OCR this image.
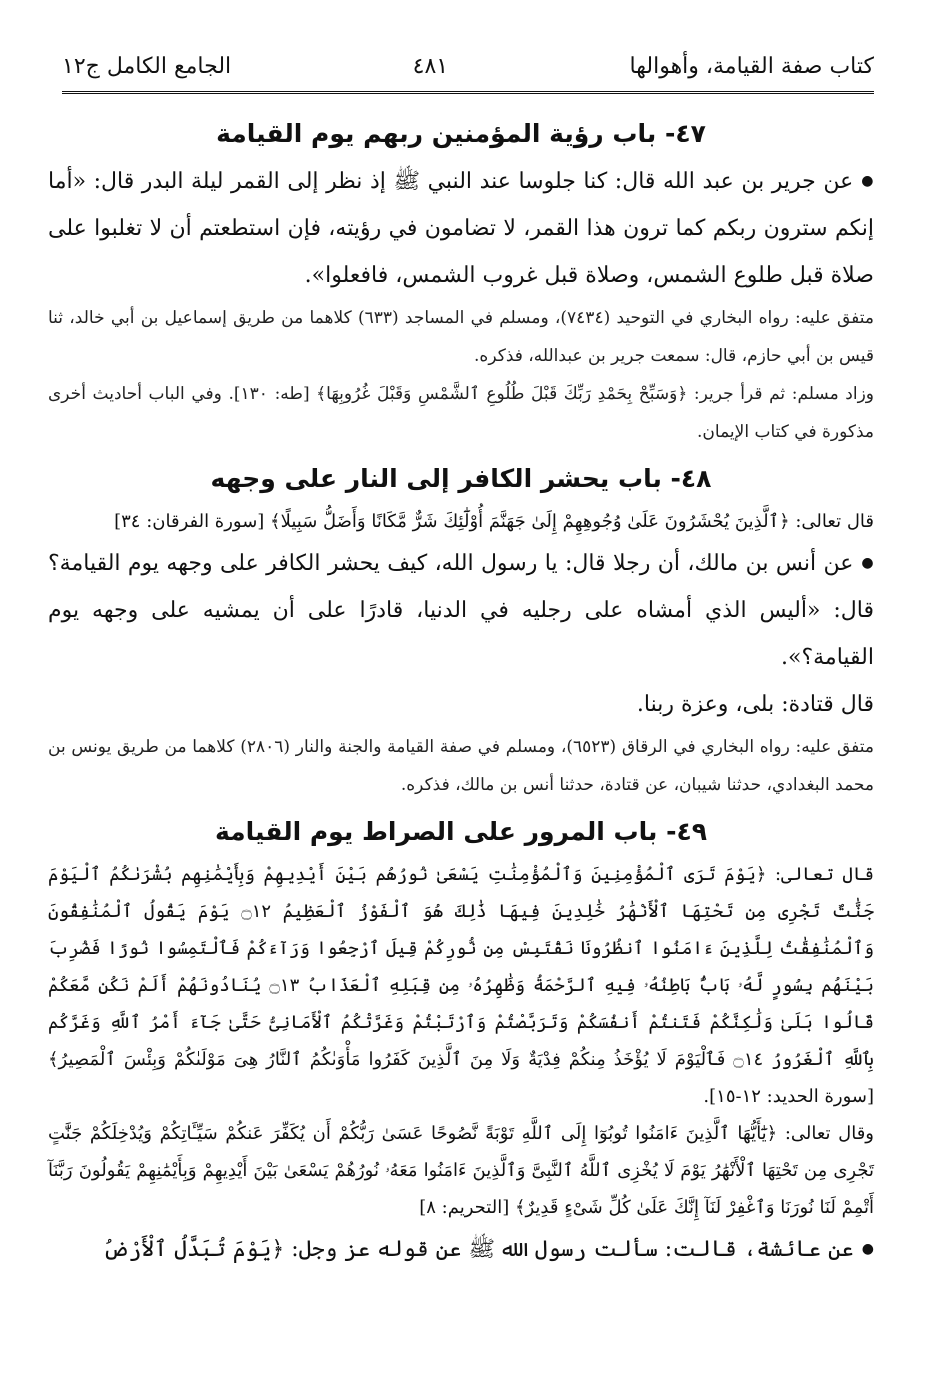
كتاب صفة القيامة، وأهوالها
٤٨١
الجامع الكامل ج١٢
٤٧- باب رؤية المؤمنين ربهم يوم القيامة

● عن جرير بن عبد الله قال: كنا جلوسا عند النبي ﷺ إذ نظر إلى القمر ليلة البدر قال: «أما إنكم سترون ربكم كما ترون هذا القمر، لا تضامون في رؤيته، فإن استطعتم أن لا تغلبوا على صلاة قبل طلوع الشمس، وصلاة قبل غروب الشمس، فافعلوا».

متفق عليه: رواه البخاري في التوحيد (٧٤٣٤)، ومسلم في المساجد (٦٣٣) كلاهما من طريق إسماعيل بن أبي خالد، ثنا قيس بن أبي حازم، قال: سمعت جرير بن عبدالله، فذكره.

وزاد مسلم: ثم قرأ جرير: ﴿وَسَبِّحْ بِحَمْدِ رَبِّكَ قَبْلَ طُلُوعِ ٱلشَّمْسِ وَقَبْلَ غُرُوبِهَا﴾ [طه: ١٣٠]. وفي الباب أحاديث أخرى مذكورة في كتاب الإيمان.

٤٨- باب يحشر الكافر إلى النار على وجهه

قال تعالى: ﴿ٱلَّذِينَ يُحْشَرُونَ عَلَىٰ وُجُوهِهِمْ إِلَىٰ جَهَنَّمَ أُوْلَٰٓئِكَ شَرٌّ مَّكَانًا وَأَضَلُّ سَبِيلًا﴾ [سورة الفرقان: ٣٤]

● عن أنس بن مالك، أن رجلا قال: يا رسول الله، كيف يحشر الكافر على وجهه يوم القيامة؟ قال: «أليس الذي أمشاه على رجليه في الدنيا، قادرًا على أن يمشيه على وجهه يوم القيامة؟».

قال قتادة: بلى، وعزة ربنا.

متفق عليه: رواه البخاري في الرقاق (٦٥٢٣)، ومسلم في صفة القيامة والجنة والنار (٢٨٠٦) كلاهما من طريق يونس بن محمد البغدادي، حدثنا شيبان، عن قتادة، حدثنا أنس بن مالك، فذكره.

٤٩- باب المرور على الصراط يوم القيامة

قال تعالى: ﴿يَوْمَ تَرَى ٱلْمُؤْمِنِينَ وَٱلْمُؤْمِنَٰتِ يَسْعَىٰ نُورُهُم بَيْنَ أَيْدِيهِمْ وَبِأَيْمَٰنِهِم بُشْرَىٰكُمُ ٱلْيَوْمَ جَنَّٰتٌ تَجْرِى مِن تَحْتِهَا ٱلْأَنْهَٰرُ خَٰلِدِينَ فِيهَا ذَٰلِكَ هُوَ ٱلْفَوْزُ ٱلْعَظِيمُ ۝١٢ يَوْمَ يَقُولُ ٱلْمُنَٰفِقُونَ وَٱلْمُنَٰفِقَٰتُ لِلَّذِينَ ءَامَنُوا ٱنظُرُونَا نَقْتَبِسْ مِن نُّورِكُمْ قِيلَ ٱرْجِعُوا وَرَآءَكُمْ فَٱلْتَمِسُوا نُورًا فَضُرِبَ بَيْنَهُم بِسُورٍ لَّهُۥ بَابٌۢ بَاطِنُهُۥ فِيهِ ٱلرَّحْمَةُ وَظَٰهِرُهُۥ مِن قِبَلِهِ ٱلْعَذَابُ ۝١٣ يُنَادُونَهُمْ أَلَمْ نَكُن مَّعَكُمْ قَالُوا بَلَىٰ وَلَٰكِنَّكُمْ فَتَنتُمْ أَنفُسَكُمْ وَتَرَبَّصْتُمْ وَٱرْتَبْتُمْ وَغَرَّتْكُمُ ٱلْأَمَانِىُّ حَتَّىٰ جَآءَ أَمْرُ ٱللَّهِ وَغَرَّكُم بِٱللَّهِ ٱلْغَرُورُ ۝١٤ فَٱلْيَوْمَ لَا يُؤْخَذُ مِنكُمْ فِدْيَةٌ وَلَا مِنَ ٱلَّذِينَ كَفَرُوا مَأْوَىٰكُمُ ٱلنَّارُ هِىَ مَوْلَىٰكُمْ وَبِئْسَ ٱلْمَصِيرُ﴾ [سورة الحديد: ١٢-١٥].

وقال تعالى: ﴿يَٰٓأَيُّهَا ٱلَّذِينَ ءَامَنُوا تُوبُوٓا إِلَى ٱللَّهِ تَوْبَةً نَّصُوحًا عَسَىٰ رَبُّكُمْ أَن يُكَفِّرَ عَنكُمْ سَيِّـَٔاتِكُمْ وَيُدْخِلَكُمْ جَنَّٰتٍ تَجْرِى مِن تَحْتِهَا ٱلْأَنْهَٰرُ يَوْمَ لَا يُخْزِى ٱللَّهُ ٱلنَّبِىَّ وَٱلَّذِينَ ءَامَنُوا مَعَهُۥ نُورُهُمْ يَسْعَىٰ بَيْنَ أَيْدِيهِمْ وَبِأَيْمَٰنِهِمْ يَقُولُونَ رَبَّنَآ أَتْمِمْ لَنَا نُورَنَا وَٱغْفِرْ لَنَآ إِنَّكَ عَلَىٰ كُلِّ شَىْءٍ قَدِيرٌ﴾ [التحريم: ٨]

● عن عائشة، قالت: سألت رسول الله ﷺ عن قوله عز وجل: ﴿يَوْمَ تُبَدَّلُ ٱلْأَرْضُ
